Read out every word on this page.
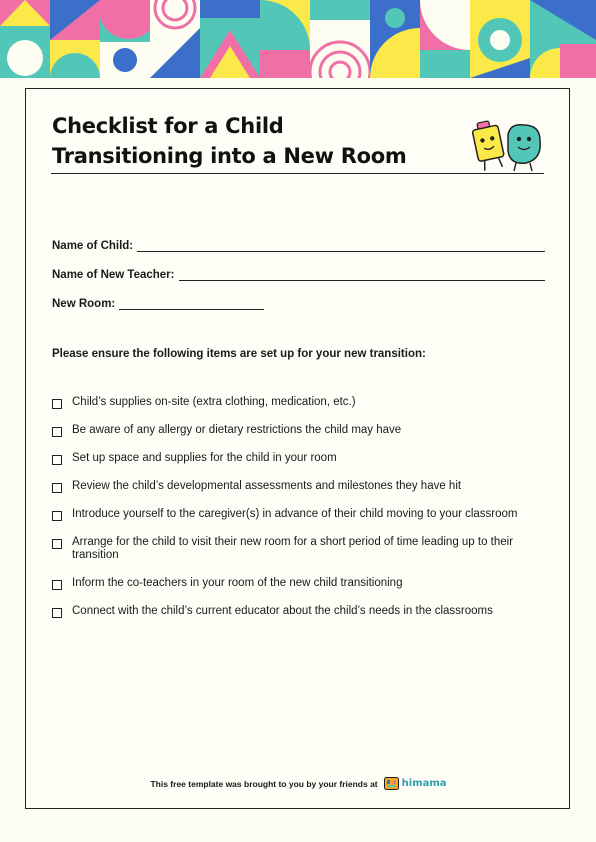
Checklist for a Child
Transitioning into a New Room
Name of Child:
Name of New Teacher:
New Room:
Please ensure the following items are set up for your new transition:
Child’s supplies on-site (extra clothing, medication, etc.)
Be aware of any allergy or dietary restrictions the child may have
Set up space and supplies for the child in your room
Review the child’s developmental assessments and milestones they have hit
Introduce yourself to the caregiver(s) in advance of their child moving to your classroom
Arrange for the child to visit their new room for a short period of time leading up to their transition
Inform the co-teachers in your room of the new child transitioning
Connect with the child’s current educator about the child’s needs in the classrooms
This free template was brought to you by your friends at himama
